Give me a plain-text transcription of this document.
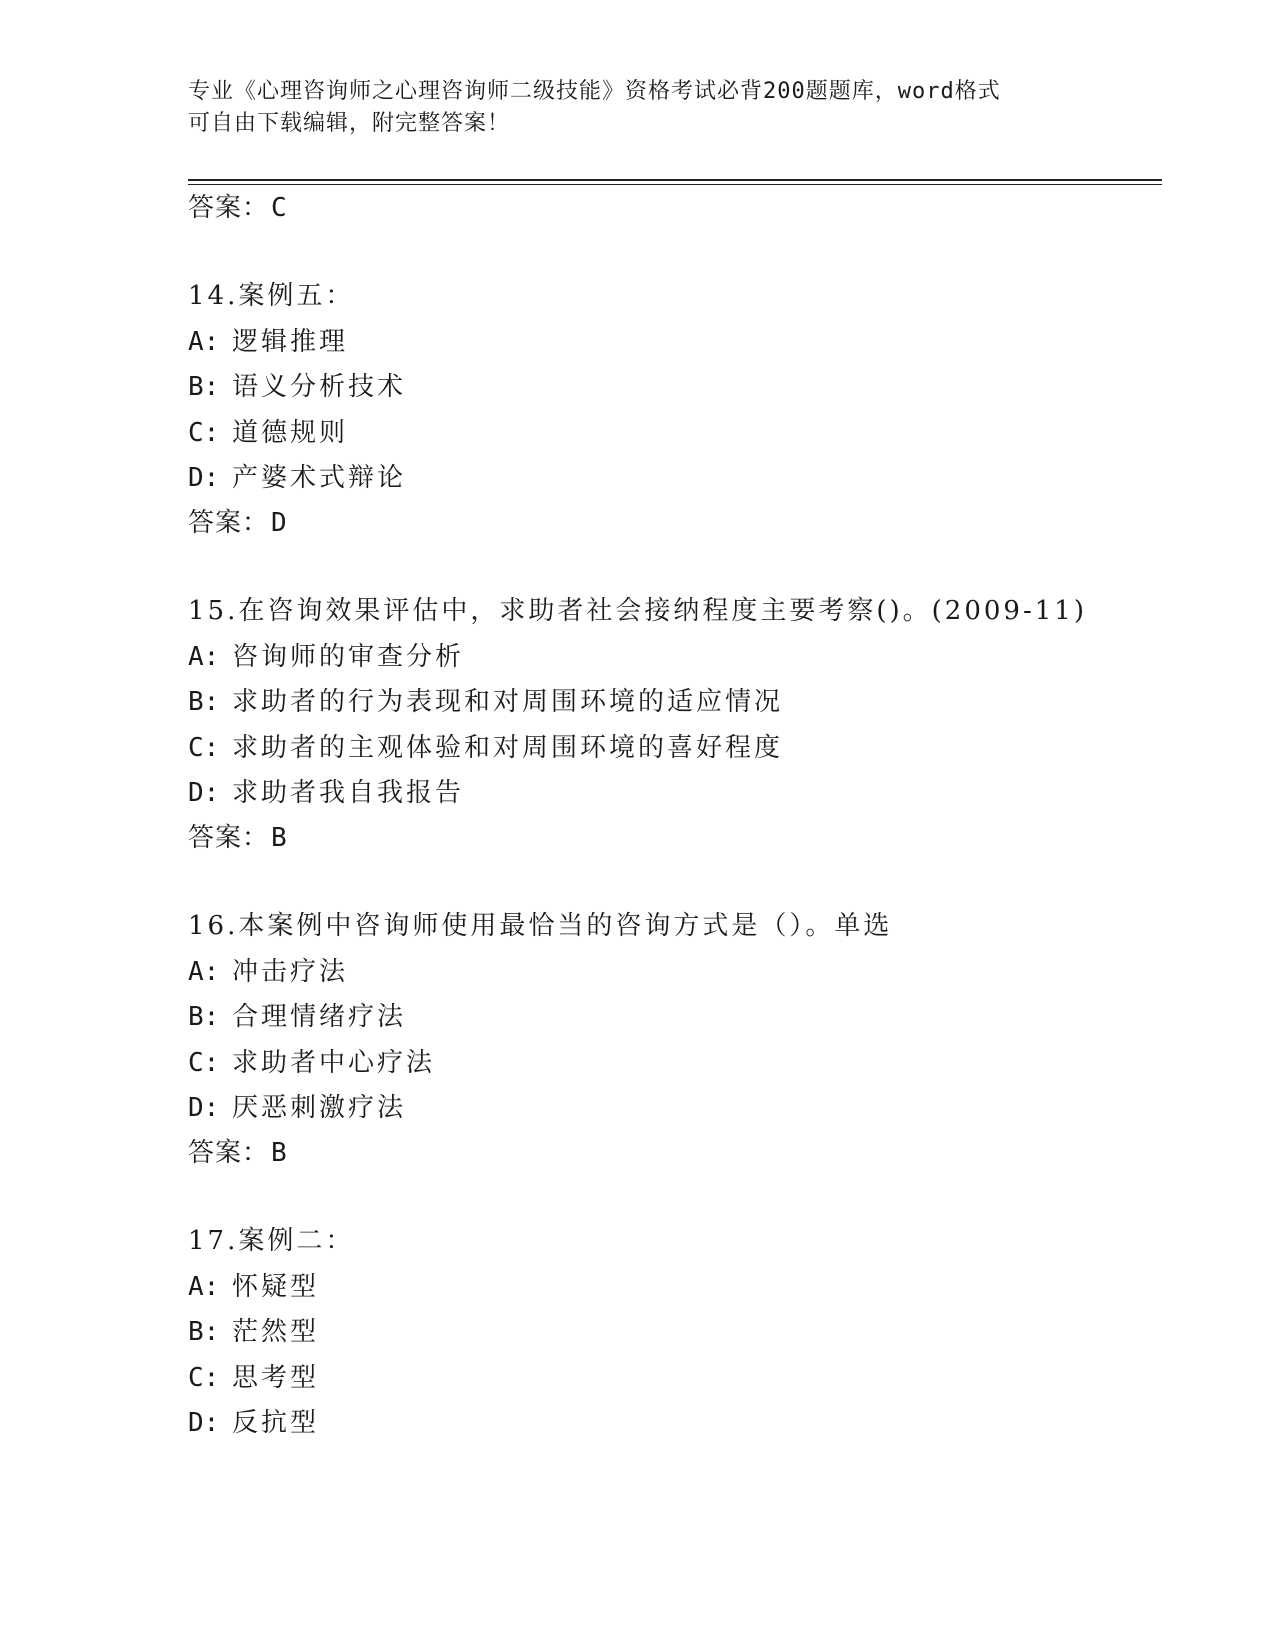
专业《心理咨询师之心理咨询师二级技能》资格考试必背200题题库，word格式
可自由下载编辑，附完整答案！
答案：C
14.案例五：
A: 逻辑推理
B: 语义分析技术
C: 道德规则
D: 产婆术式辩论
答案：D
15.在咨询效果评估中，求助者社会接纳程度主要考察()。(2009-11)
A: 咨询师的审查分析
B: 求助者的行为表现和对周围环境的适应情况
C: 求助者的主观体验和对周围环境的喜好程度
D: 求助者我自我报告
答案：B
16.本案例中咨询师使用最恰当的咨询方式是（）。单选
A: 冲击疗法
B: 合理情绪疗法
C: 求助者中心疗法
D: 厌恶刺激疗法
答案：B
17.案例二：
A: 怀疑型
B: 茫然型
C: 思考型
D: 反抗型
